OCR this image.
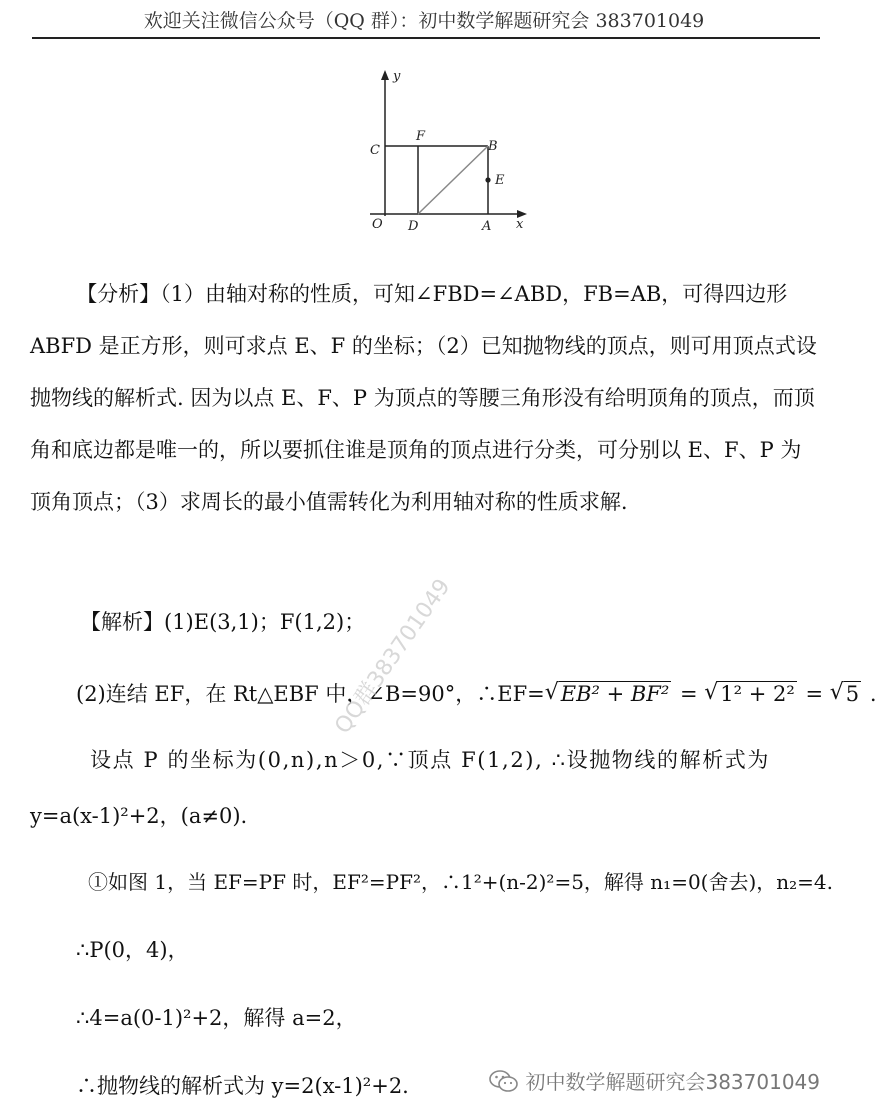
欢迎关注微信公众号（QQ 群）：初中数学解题研究会 383701049
y
x
O
C
F
B
E
D	A
【分析】（1）由轴对称的性质，可知∠FBD=∠ABD，FB=AB，可得四边形 ABFD 是正方形，则可求点 E、F 的坐标；（2）已知抛物线的顶点，则可用顶点式设抛物线的解析式. 因为以点 E、F、P 为顶点的等腰三角形没有给明顶角的顶点，而顶角和底边都是唯一的，所以要抓住谁是顶角的顶点进行分类，可分别以 E、F、P 为顶角顶点；（3）求周长的最小值需转化为利用轴对称的性质求解.
【解析】(1)E(3,1)；F(1,2)；
(2)连结 EF，在 Rt△EBF 中，∠B=90°，∴EF= √ EB² + BF² = √ 1² + 2² = √ 5 .
设点 P 的坐标为(0,n),n＞0,∵顶点 F(1,2), ∴设抛物线的解析式为
y=a(x-1)²+2，(a≠0).
①如图 1，当 EF=PF 时，EF²=PF²，∴1²+(n-2)²=5，解得 n₁=0(舍去)，n₂=4.
∴P(0，4)，
∴4=a(0-1)²+2，解得 a=2，
∴抛物线的解析式为 y=2(x-1)²+2.
QQ群383701049
初中数学解题研究会383701049
